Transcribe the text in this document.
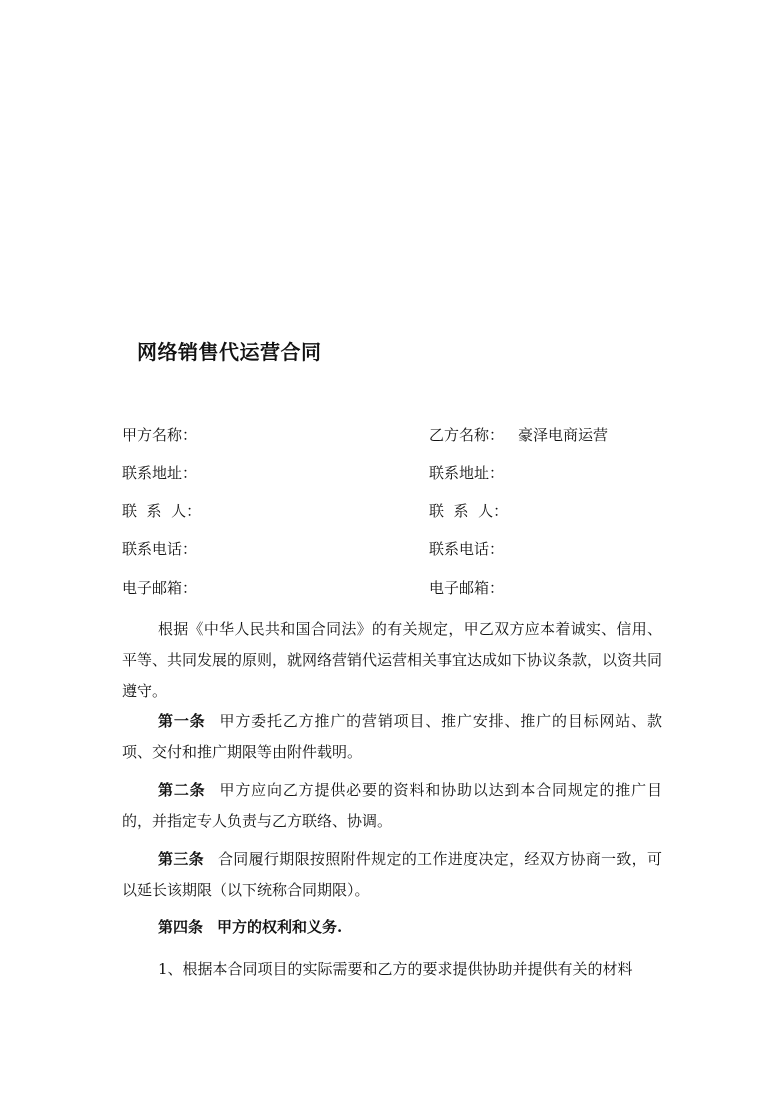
网络销售代运营合同
甲方名称：	乙方名称： 豪泽电商运营
联系地址：	联系地址：
联  系  人：	联  系  人：
联系电话：	联系电话：
电子邮箱：	电子邮箱：

根据《中华人民共和国合同法》的有关规定，甲乙双方应本着诚实、信用、平等、共同发展的原则，就网络营销代运营相关事宜达成如下协议条款，以资共同遵守。

第一条 甲方委托乙方推广的营销项目、推广安排、推广的目标网站、款项、交付和推广期限等由附件载明。

第二条 甲方应向乙方提供必要的资料和协助以达到本合同规定的推广目的，并指定专人负责与乙方联络、协调。

第三条 合同履行期限按照附件规定的工作进度决定，经双方协商一致，可以延长该期限（以下统称合同期限）。

第四条 甲方的权利和义务.

1、根据本合同项目的实际需要和乙方的要求提供协助并提供有关的材料
